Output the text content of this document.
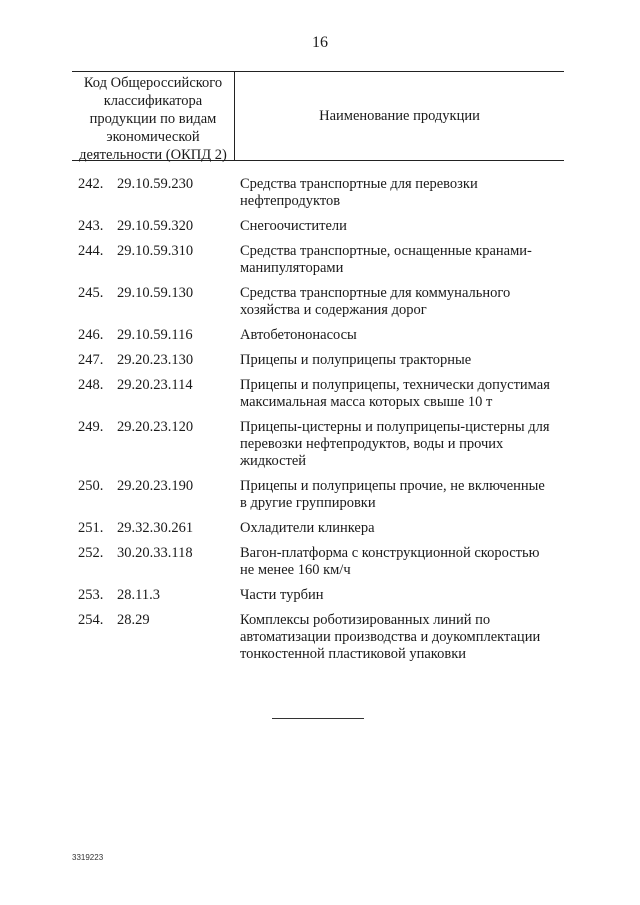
16
Код Общероссийского
классификатора
продукции по видам
экономической
деятельности (ОКПД 2)
Наименование продукции
242. 29.10.59.230	Средства транспортные для перевозки
нефтепродуктов
243. 29.10.59.320	Снегоочистители
244. 29.10.59.310	Средства транспортные, оснащенные кранами-
манипуляторами
245. 29.10.59.130	Средства транспортные для коммунального
хозяйства и содержания дорог
246. 29.10.59.116	Автобетононасосы
247. 29.20.23.130	Прицепы и полуприцепы тракторные
248. 29.20.23.114	Прицепы и полуприцепы, технически допустимая
максимальная масса которых свыше 10 т
249. 29.20.23.120	Прицепы-цистерны и полуприцепы-цистерны для
перевозки нефтепродуктов, воды и прочих
жидкостей
250. 29.20.23.190	Прицепы и полуприцепы прочие, не включенные
в другие группировки
251. 29.32.30.261	Охладители клинкера
252. 30.20.33.118	Вагон-платформа с конструкционной скоростью
не менее 160 км/ч
253. 28.11.3	Части турбин
254. 28.29	Комплексы роботизированных линий по
автоматизации производства и доукомплектации
тонкостенной пластиковой упаковки
3319223
